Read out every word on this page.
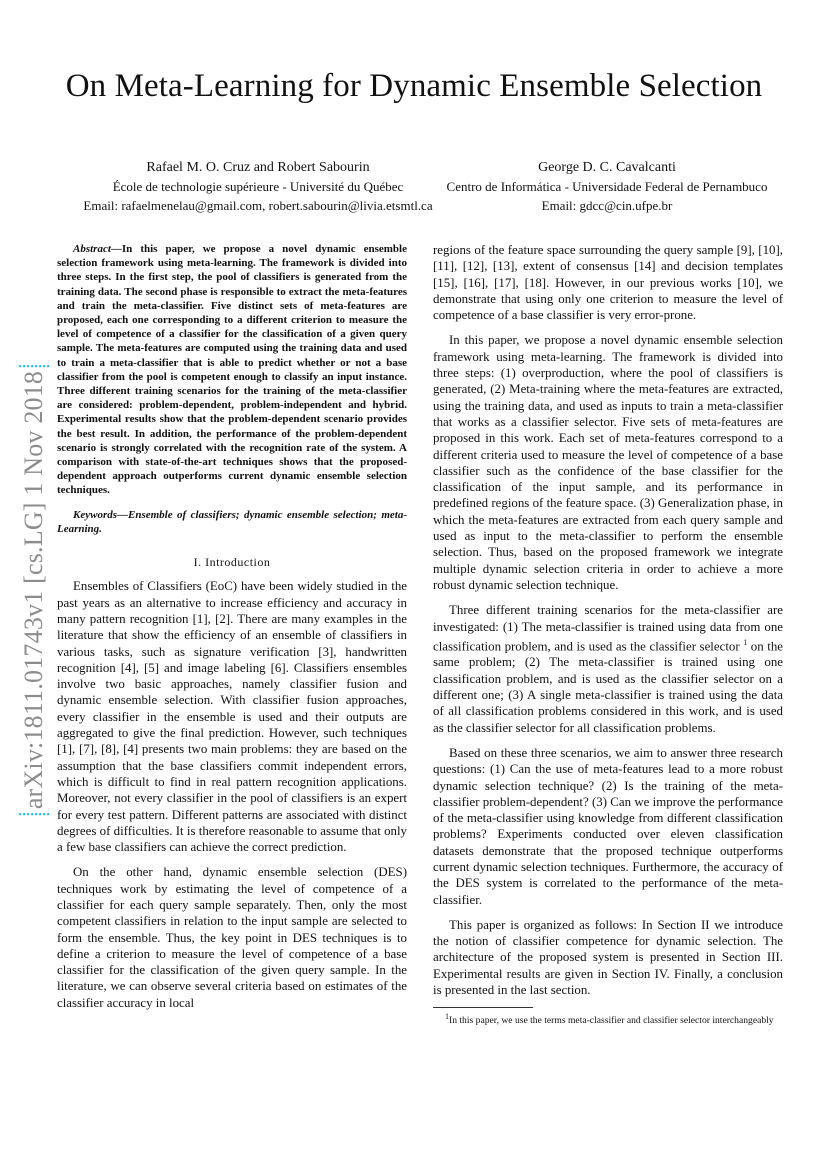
On Meta-Learning for Dynamic Ensemble Selection
Rafael M. O. Cruz and Robert Sabourin
École de technologie supérieure - Université du Québec
Email: rafaelmenelau@gmail.com, robert.sabourin@livia.etsmtl.ca
George D. C. Cavalcanti
Centro de Informática - Universidade Federal de Pernambuco
Email: gdcc@cin.ufpe.br
arXiv:1811.01743v1 [cs.LG] 1 Nov 2018
Abstract—In this paper, we propose a novel dynamic ensemble selection framework using meta-learning. The framework is divided into three steps. In the first step, the pool of classifiers is generated from the training data. The second phase is responsible to extract the meta-features and train the meta-classifier. Five distinct sets of meta-features are proposed, each one corresponding to a different criterion to measure the level of competence of a classifier for the classification of a given query sample. The meta-features are computed using the training data and used to train a meta-classifier that is able to predict whether or not a base classifier from the pool is competent enough to classify an input instance. Three different training scenarios for the training of the meta-classifier are considered: problem-dependent, problem-independent and hybrid. Experimental results show that the problem-dependent scenario provides the best result. In addition, the performance of the problem-dependent scenario is strongly correlated with the recognition rate of the system. A comparison with state-of-the-art techniques shows that the proposed-dependent approach outperforms current dynamic ensemble selection techniques.
Keywords—Ensemble of classifiers; dynamic ensemble selection; meta-Learning.
I. Introduction

Ensembles of Classifiers (EoC) have been widely studied in the past years as an alternative to increase efficiency and accuracy in many pattern recognition [1], [2]. There are many examples in the literature that show the efficiency of an ensemble of classifiers in various tasks, such as signature verification [3], handwritten recognition [4], [5] and image labeling [6]. Classifiers ensembles involve two basic approaches, namely classifier fusion and dynamic ensemble selection. With classifier fusion approaches, every classifier in the ensemble is used and their outputs are aggregated to give the final prediction. However, such techniques [1], [7], [8], [4] presents two main problems: they are based on the assumption that the base classifiers commit independent errors, which is difficult to find in real pattern recognition applications. Moreover, not every classifier in the pool of classifiers is an expert for every test pattern. Different patterns are associated with distinct degrees of difficulties. It is therefore reasonable to assume that only a few base classifiers can achieve the correct prediction.

On the other hand, dynamic ensemble selection (DES) techniques work by estimating the level of competence of a classifier for each query sample separately. Then, only the most competent classifiers in relation to the input sample are selected to form the ensemble. Thus, the key point in DES techniques is to define a criterion to measure the level of competence of a base classifier for the classification of the given query sample. In the literature, we can observe several criteria based on estimates of the classifier accuracy in local

regions of the feature space surrounding the query sample [9], [10], [11], [12], [13], extent of consensus [14] and decision templates [15], [16], [17], [18]. However, in our previous works [10], we demonstrate that using only one criterion to measure the level of competence of a base classifier is very error-prone.

In this paper, we propose a novel dynamic ensemble selection framework using meta-learning. The framework is divided into three steps: (1) overproduction, where the pool of classifiers is generated, (2) Meta-training where the meta-features are extracted, using the training data, and used as inputs to train a meta-classifier that works as a classifier selector. Five sets of meta-features are proposed in this work. Each set of meta-features correspond to a different criteria used to measure the level of competence of a base classifier such as the confidence of the base classifier for the classification of the input sample, and its performance in predefined regions of the feature space. (3) Generalization phase, in which the meta-features are extracted from each query sample and used as input to the meta-classifier to perform the ensemble selection. Thus, based on the proposed framework we integrate multiple dynamic selection criteria in order to achieve a more robust dynamic selection technique.

Three different training scenarios for the meta-classifier are investigated: (1) The meta-classifier is trained using data from one classification problem, and is used as the classifier selector $^1$ on the same problem; (2) The meta-classifier is trained using one classification problem, and is used as the classifier selector on a different one; (3) A single meta-classifier is trained using the data of all classification problems considered in this work, and is used as the classifier selector for all classification problems.

Based on these three scenarios, we aim to answer three research questions: (1) Can the use of meta-features lead to a more robust dynamic selection technique? (2) Is the training of the meta-classifier problem-dependent? (3) Can we improve the performance of the meta-classifier using knowledge from different classification problems? Experiments conducted over eleven classification datasets demonstrate that the proposed technique outperforms current dynamic selection techniques. Furthermore, the accuracy of the DES system is correlated to the performance of the meta-classifier.

This paper is organized as follows: In Section II we introduce the notion of classifier competence for dynamic selection. The architecture of the proposed system is presented in Section III. Experimental results are given in Section IV. Finally, a conclusion is presented in the last section.

$^1$In this paper, we use the terms meta-classifier and classifier selector interchangeably
